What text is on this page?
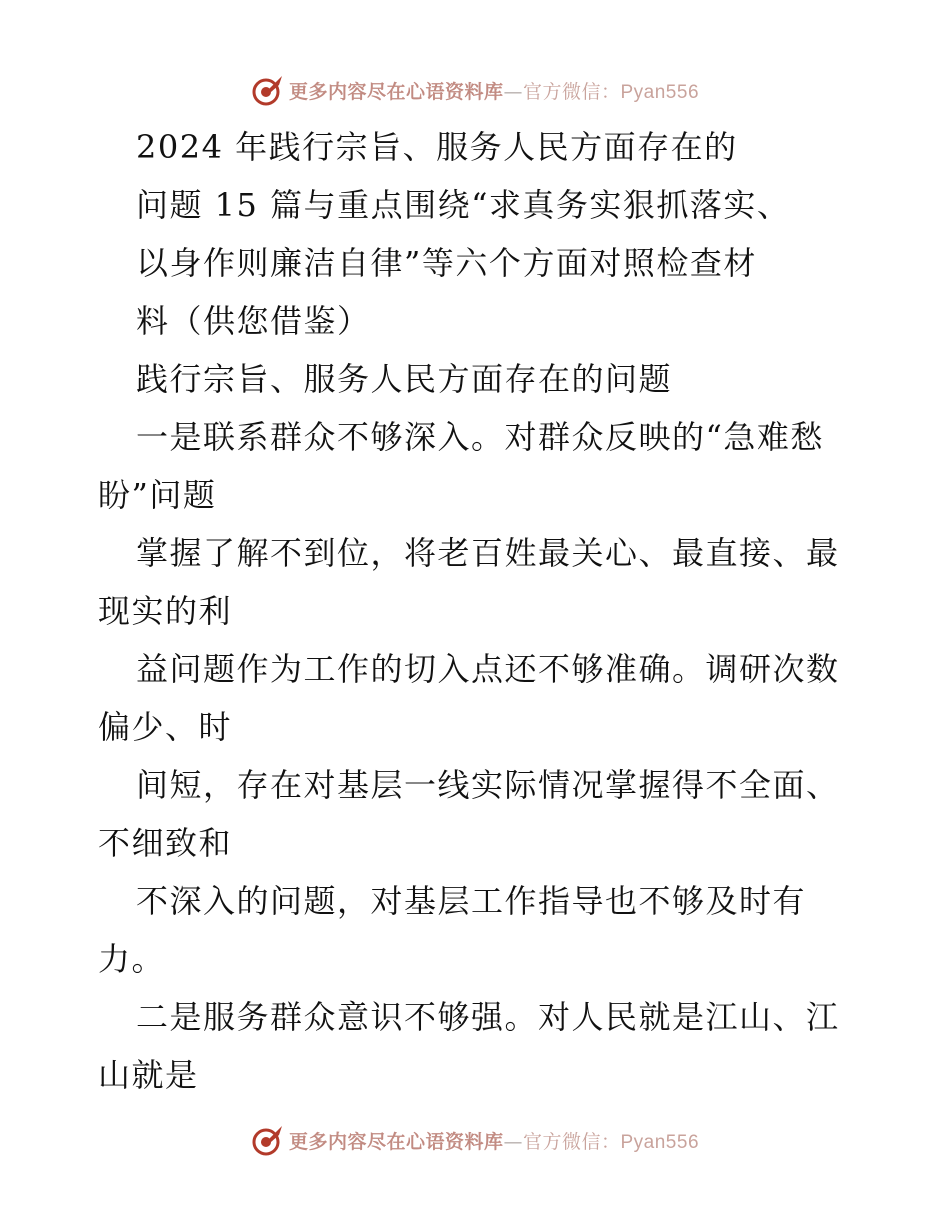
更多内容尽在心语资料库—官方微信：Pyan556

2024 年践行宗旨、服务人民方面存在的

问题 15 篇与重点围绕“求真务实狠抓落实、

以身作则廉洁自律”等六个方面对照检查材

料（供您借鉴）

践行宗旨、服务人民方面存在的问题

一是联系群众不够深入。对群众反映的“急难愁盼”问题

掌握了解不到位，将老百姓最关心、最直接、最现实的利

益问题作为工作的切入点还不够准确。调研次数偏少、时

间短，存在对基层一线实际情况掌握得不全面、不细致和

不深入的问题，对基层工作指导也不够及时有力。

二是服务群众意识不够强。对人民就是江山、江山就是

更多内容尽在心语资料库—官方微信：Pyan556
